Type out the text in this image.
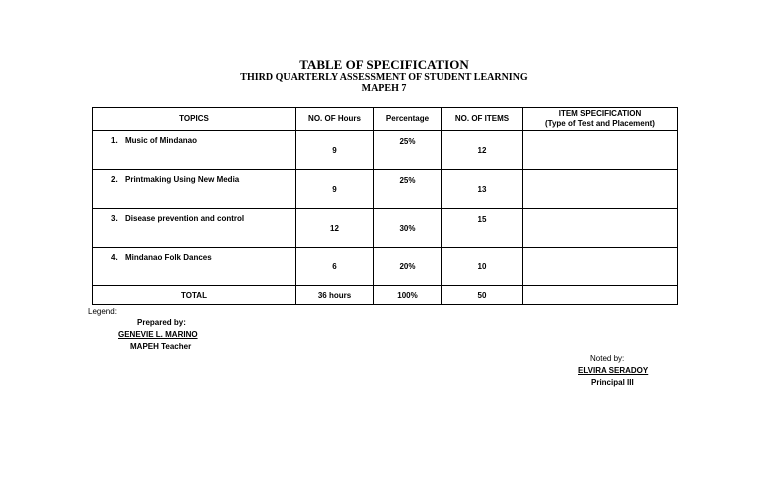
TABLE OF SPECIFICATION
THIRD QUARTERLY ASSESSMENT OF STUDENT LEARNING
MAPEH 7
TOPICS	NO. OF Hours	Percentage	NO. OF ITEMS	ITEM SPECIFICATION
(Type of Test and Placement)

1. Music of Mindanao	9	25%	12	
2. Printmaking Using New Media	9	25%	13	
3. Disease prevention and control	12	30%	15	
4. Mindanao Folk Dances	6	20%	10	
TOTAL	36 hours	100%	50	
Legend:
Prepared by:
GENEVIE L. MARINO
MAPEH Teacher
Noted by:
ELVIRA SERADOY
Principal III
